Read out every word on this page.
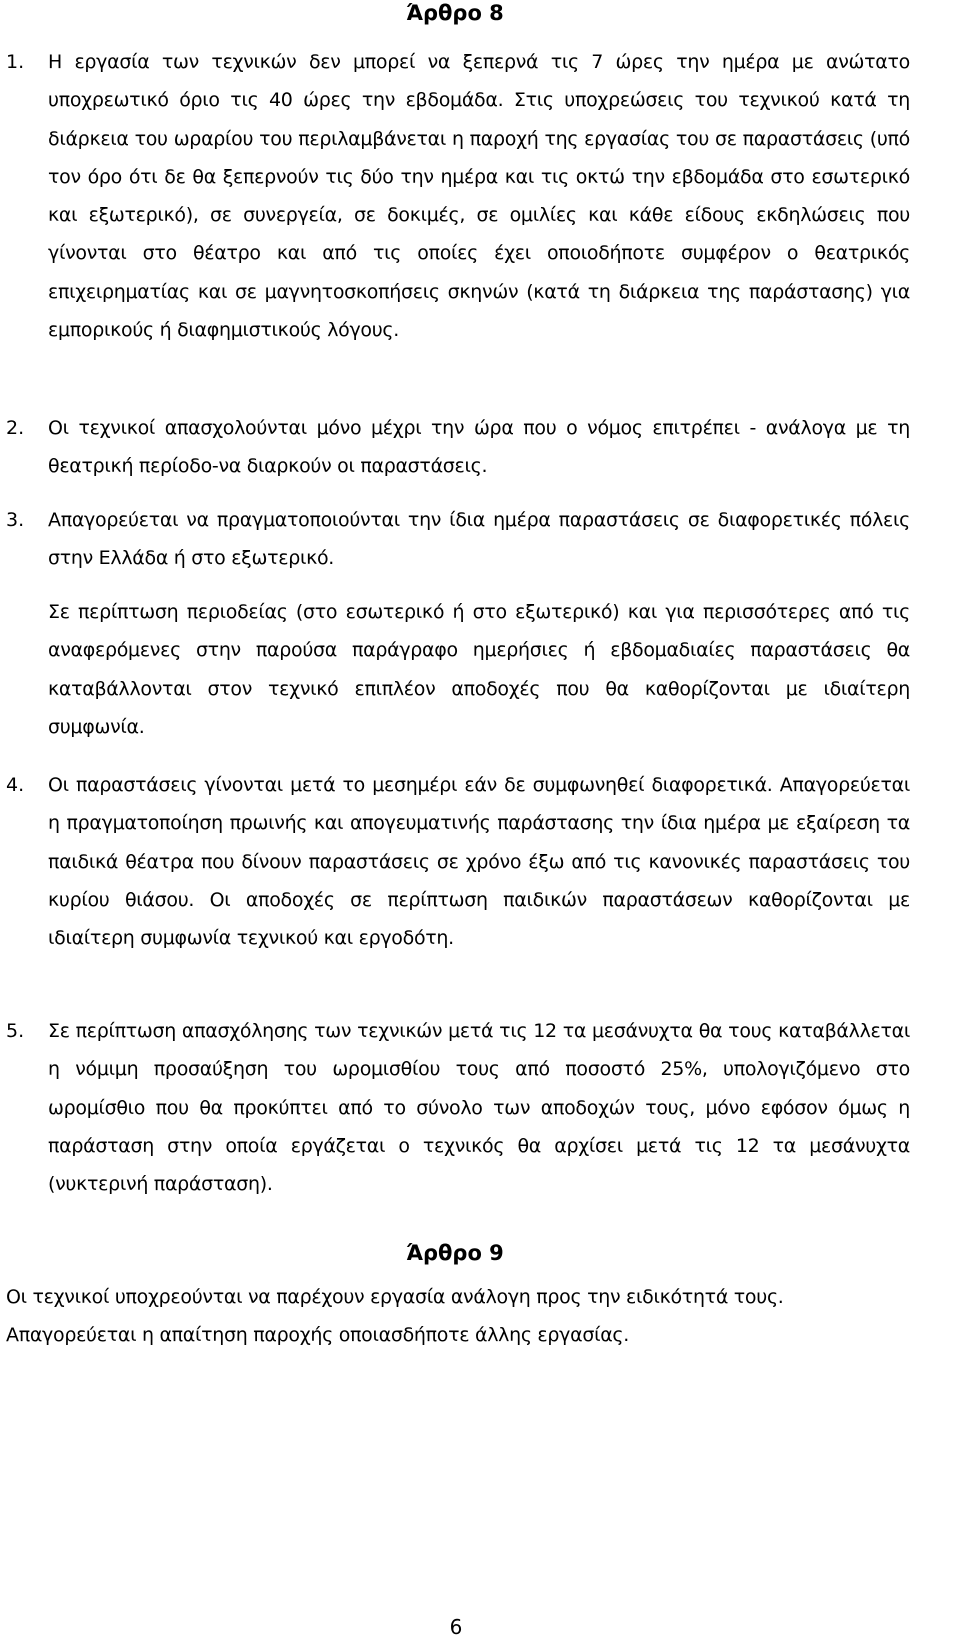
Άρθρο 8
1.	Η εργασία των τεχνικών δεν μπορεί να ξεπερνά τις 7 ώρες την ημέρα με ανώτατο υποχρεωτικό όριο τις 40 ώρες την εβδομάδα. Στις υποχρεώσεις του τεχνικού κατά τη διάρκεια του ωραρίου του περιλαμβάνεται η παροχή της εργασίας του σε παραστάσεις (υπό τον όρο ότι δε θα ξεπερνούν τις δύο την ημέρα και τις οκτώ την εβδομάδα στο εσωτερικό και εξωτερικό), σε συνεργεία, σε δοκιμές, σε ομιλίες και κάθε είδους εκδηλώσεις που γίνονται στο θέατρο και από τις οποίες έχει οποιοδήποτε συμφέρον ο θεατρικός επιχειρηματίας και σε μαγνητοσκοπήσεις σκηνών (κατά τη διάρκεια της παράστασης) για εμπορικούς ή διαφημιστικούς λόγους.
2.	Οι τεχνικοί απασχολούνται μόνο μέχρι την ώρα που ο νόμος επιτρέπει - ανάλογα με τη θεατρική περίοδο-να διαρκούν οι παραστάσεις.
3.	Απαγορεύεται να πραγματοποιούνται την ίδια ημέρα παραστάσεις σε διαφορετικές πόλεις στην Ελλάδα ή στο εξωτερικό.
Σε περίπτωση περιοδείας (στο εσωτερικό ή στο εξωτερικό) και για περισσότερες από τις αναφερόμενες στην παρούσα παράγραφο ημερήσιες ή εβδομαδιαίες παραστάσεις θα καταβάλλονται στον τεχνικό επιπλέον αποδοχές που θα καθορίζονται με ιδιαίτερη συμφωνία.
4.	Οι παραστάσεις γίνονται μετά το μεσημέρι εάν δε συμφωνηθεί διαφορετικά. Απαγορεύεται η πραγματοποίηση πρωινής και απογευματινής παράστασης την ίδια ημέρα με εξαίρεση τα παιδικά θέατρα που δίνουν παραστάσεις σε χρόνο έξω από τις κανονικές παραστάσεις του κυρίου θιάσου. Οι αποδοχές σε περίπτωση παιδικών παραστάσεων καθορίζονται με ιδιαίτερη συμφωνία τεχνικού και εργοδότη.
5.	Σε περίπτωση απασχόλησης των τεχνικών μετά τις 12 τα μεσάνυχτα θα τους καταβάλλεται η νόμιμη προσαύξηση του ωρομισθίου τους από ποσοστό 25%, υπολογιζόμενο στο ωρομίσθιο που θα προκύπτει από το σύνολο των αποδοχών τους, μόνο εφόσον όμως η παράσταση στην οποία εργάζεται ο τεχνικός θα αρχίσει μετά τις 12 τα μεσάνυχτα (νυκτερινή παράσταση).
Άρθρο 9
Οι τεχνικοί υποχρεούνται να παρέχουν εργασία ανάλογη προς την ειδικότητά τους. Απαγορεύεται η απαίτηση παροχής οποιασδήποτε άλλης εργασίας.
6
